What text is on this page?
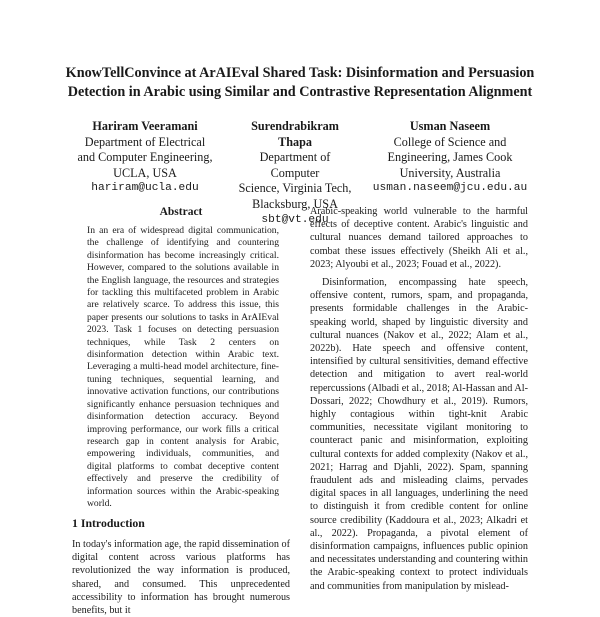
KnowTellConvince at ArAIEval Shared Task: Disinformation and Persuasion Detection in Arabic using Similar and Contrastive Representation Alignment
Hariram Veeramani
Department of Electrical
and Computer Engineering,
UCLA, USA
hariram@ucla.edu
Surendrabikram Thapa
Department of Computer
Science, Virginia Tech,
Blacksburg, USA
sbt@vt.edu
Usman Naseem
College of Science and
Engineering, James Cook
University, Australia
usman.naseem@jcu.edu.au
Abstract

In an era of widespread digital communication, the challenge of identifying and countering disinformation has become increasingly critical. However, compared to the solutions available in the English language, the resources and strategies for tackling this multifaceted problem in Arabic are relatively scarce. To address this issue, this paper presents our solutions to tasks in ArAIEval 2023. Task 1 focuses on detecting persuasion techniques, while Task 2 centers on disinformation detection within Arabic text. Leveraging a multi-head model architecture, fine-tuning techniques, sequential learning, and innovative activation functions, our contributions significantly enhance persuasion techniques and disinformation detection accuracy. Beyond improving performance, our work fills a critical research gap in content analysis for Arabic, empowering individuals, communities, and digital platforms to combat deceptive content effectively and preserve the credibility of information sources within the Arabic-speaking world.

1 Introduction

In today's information age, the rapid dissemination of digital content across various platforms has revolutionized the way information is produced, shared, and consumed. This unprecedented accessibility to information has brought numerous benefits, but it

Arabic-speaking world vulnerable to the harmful effects of deceptive content. Arabic's linguistic and cultural nuances demand tailored approaches to combat these issues effectively (Sheikh Ali et al., 2023; Alyoubi et al., 2023; Fouad et al., 2022).

Disinformation, encompassing hate speech, offensive content, rumors, spam, and propaganda, presents formidable challenges in the Arabic-speaking world, shaped by linguistic diversity and cultural nuances (Nakov et al., 2022; Alam et al., 2022b). Hate speech and offensive content, intensified by cultural sensitivities, demand effective detection and mitigation to avert real-world repercussions (Albadi et al., 2018; Al-Hassan and Al-Dossari, 2022; Chowdhury et al., 2019). Rumors, highly contagious within tight-knit Arabic communities, necessitate vigilant monitoring to counteract panic and misinformation, exploiting cultural contexts for added complexity (Nakov et al., 2021; Harrag and Djahli, 2022). Spam, spanning fraudulent ads and misleading claims, pervades digital spaces in all languages, underlining the need to distinguish it from credible content for online source credibility (Kaddoura et al., 2023; Alkadri et al., 2022). Propaganda, a pivotal element of disinformation campaigns, influences public opinion and necessitates understanding and countering within the Arabic-speaking context to protect individuals and communities from manipulation by mislead-
